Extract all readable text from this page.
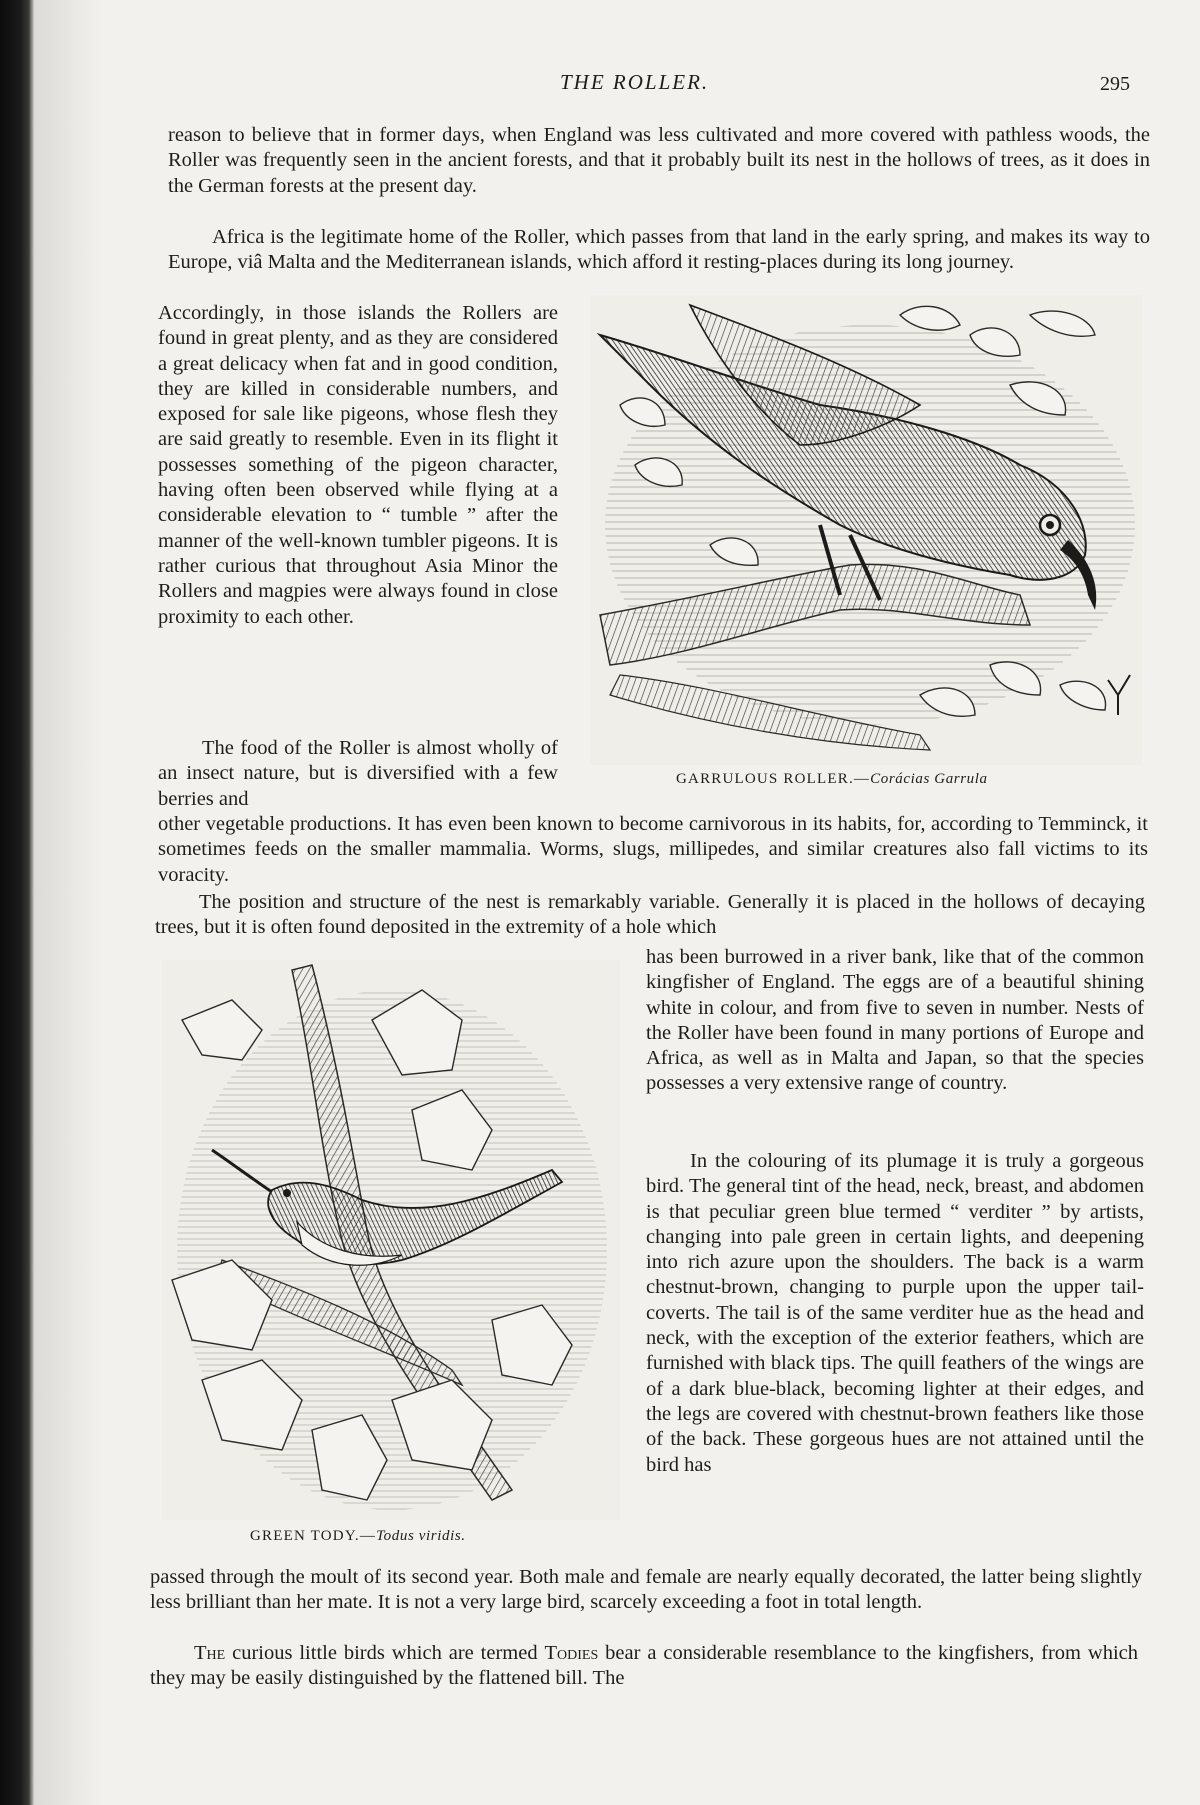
THE ROLLER.	295

reason to believe that in former days, when England was less cultivated and more covered with pathless woods, the Roller was frequently seen in the ancient forests, and that it probably built its nest in the hollows of trees, as it does in the German forests at the present day.

Africa is the legitimate home of the Roller, which passes from that land in the early spring, and makes its way to Europe, viâ Malta and the Mediterranean islands, which afford it resting-places during its long journey.

Accordingly, in those islands the Rollers are found in great plenty, and as they are considered a great delicacy when fat and in good condition, they are killed in considerable numbers, and exposed for sale like pigeons, whose flesh they are said greatly to resemble. Even in its flight it possesses something of the pigeon character, having often been observed while flying at a considerable elevation to “ tumble ” after the manner of the well-known tumbler pigeons. It is rather curious that throughout Asia Minor the Rollers and magpies were always found in close proximity to each other.

The food of the Roller is almost wholly of an insect nature, but is diversified with a few berries and

other vegetable productions. It has even been known to become carnivorous in its habits, for, according to Temminck, it sometimes feeds on the smaller mammalia. Worms, slugs, millipedes, and similar creatures also fall victims to its voracity.

The position and structure of the nest is remarkably variable. Generally it is placed in the hollows of decaying trees, but it is often found deposited in the extremity of a hole which

has been burrowed in a river bank, like that of the common kingfisher of England. The eggs are of a beautiful shining white in colour, and from five to seven in number. Nests of the Roller have been found in many portions of Europe and Africa, as well as in Malta and Japan, so that the species possesses a very extensive range of country.

In the colouring of its plumage it is truly a gorgeous bird. The general tint of the head, neck, breast, and abdomen is that peculiar green blue termed “ verditer ” by artists, changing into pale green in certain lights, and deepening into rich azure upon the shoulders. The back is a warm chestnut-brown, changing to purple upon the upper tail-coverts. The tail is of the same verditer hue as the head and neck, with the exception of the exterior feathers, which are furnished with black tips. The quill feathers of the wings are of a dark blue-black, becoming lighter at their edges, and the legs are covered with chestnut-brown feathers like those of the back. These gorgeous hues are not attained until the bird has

passed through the moult of its second year. Both male and female are nearly equally decorated, the latter being slightly less brilliant than her mate. It is not a very large bird, scarcely exceeding a foot in total length.

The curious little birds which are termed Todies bear a considerable resemblance to the kingfishers, from which they may be easily distinguished by the flattened bill. The

GARRULOUS ROLLER.—Corácias Garrula
GREEN TODY.—Todus viridis.
